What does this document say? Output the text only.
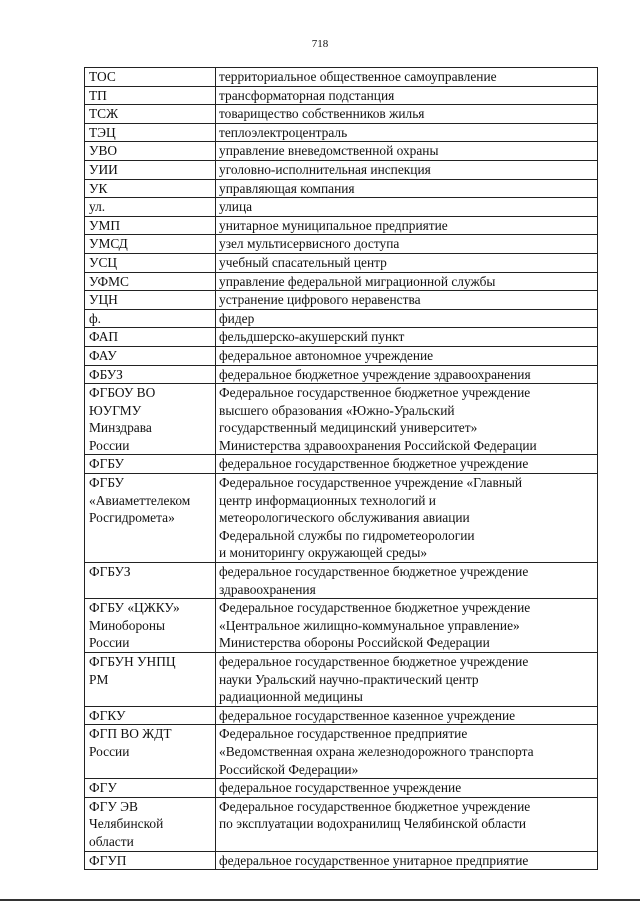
718
ТОС	территориальное общественное самоуправление

ТП	трансформаторная подстанция

ТСЖ	товарищество собственников жилья

ТЭЦ	теплоэлектроцентраль

УВО	управление вневедомственной охраны

УИИ	уголовно-исполнительная инспекция

УК	управляющая компания

ул.	улица

УМП	унитарное муниципальное предприятие

УМСД	узел мультисервисного доступа

УСЦ	учебный спасательный центр

УФМС	управление федеральной миграционной службы

УЦН	устранение цифрового неравенства

ф.	фидер

ФАП	фельдшерско-акушерский пункт

ФАУ	федеральное автономное учреждение

ФБУЗ	федеральное бюджетное учреждение здравоохранения

ФГБОУ ВО
ЮУГМУ
Минздрава
России	Федеральное государственное бюджетное учреждение
высшего образования «Южно-Уральский
государственный медицинский университет»
Министерства здравоохранения Российской Федерации

ФГБУ	федеральное государственное бюджетное учреждение

ФГБУ
«Авиаметтелеком
Росгидромета»	Федеральное государственное учреждение «Главный
центр информационных технологий и
метеорологического обслуживания авиации
Федеральной службы по гидрометеорологии
и мониторингу окружающей среды»

ФГБУЗ	федеральное государственное бюджетное учреждение
здравоохранения

ФГБУ «ЦЖКУ»
Минобороны
России	Федеральное государственное бюджетное учреждение
«Центральное жилищно-коммунальное управление»
Министерства обороны Российской Федерации

ФГБУН УНПЦ
РМ	федеральное государственное бюджетное учреждение
науки Уральский научно-практический центр
радиационной медицины

ФГКУ	федеральное государственное казенное учреждение

ФГП ВО ЖДТ
России	Федеральное государственное предприятие
«Ведомственная охрана железнодорожного транспорта
Российской Федерации»

ФГУ	федеральное государственное учреждение

ФГУ ЭВ
Челябинской
области	Федеральное государственное бюджетное учреждение
по эксплуатации водохранилищ Челябинской области

ФГУП	федеральное государственное унитарное предприятие
